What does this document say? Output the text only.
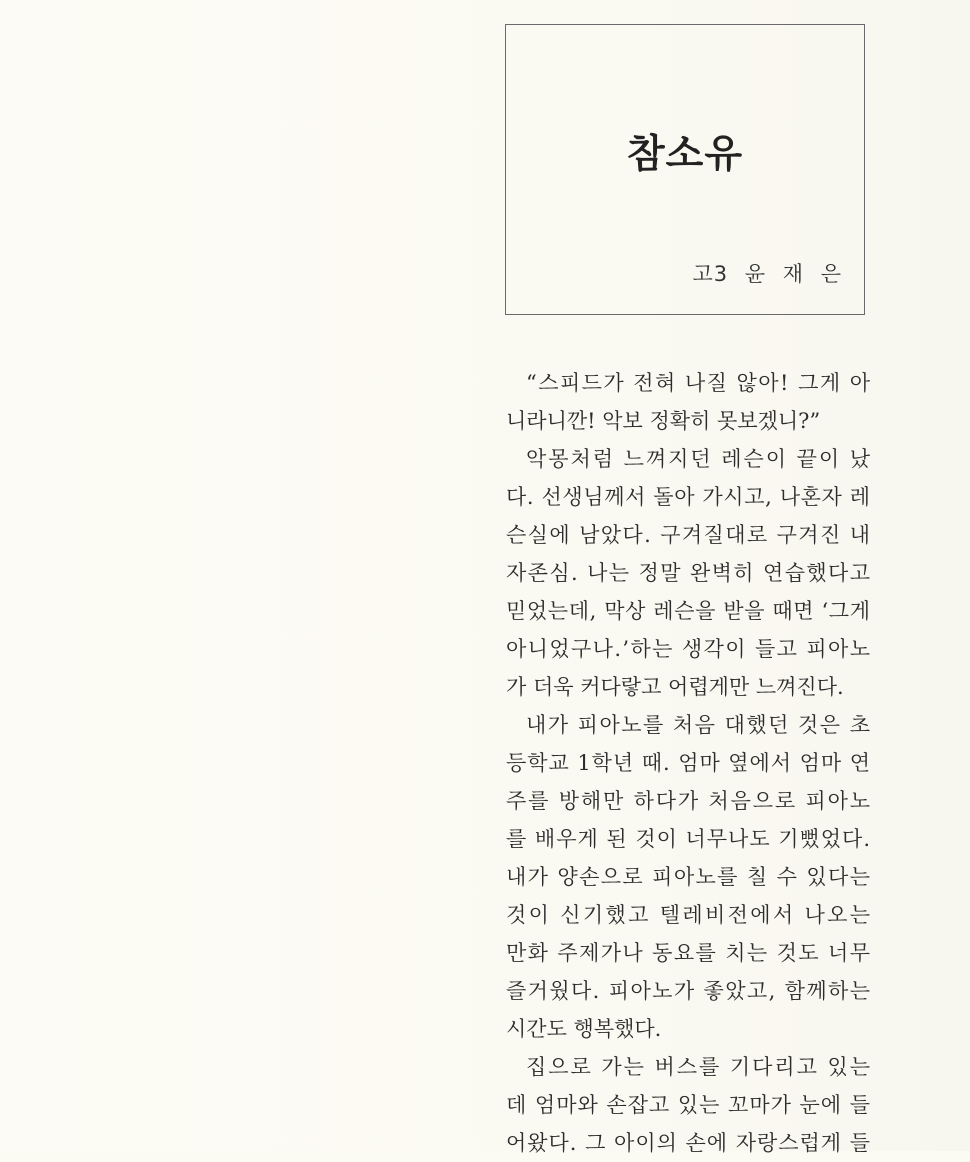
참소유
고3 윤 재 은
“스피드가 전혀 나질 않아! 그게 아
니라니깐! 악보 정확히 못보겠니?”
악몽처럼 느껴지던 레슨이 끝이 났
다. 선생님께서 돌아 가시고, 나혼자 레
슨실에 남았다. 구겨질대로 구겨진 내
자존심. 나는 정말 완벽히 연습했다고
믿었는데, 막상 레슨을 받을 때면 ‘그게
아니었구나.’하는 생각이 들고 피아노
가 더욱 커다랗고 어렵게만 느껴진다.
내가 피아노를 처음 대했던 것은 초
등학교 1학년 때. 엄마 옆에서 엄마 연
주를 방해만 하다가 처음으로 피아노
를 배우게 된 것이 너무나도 기뻤었다.
내가 양손으로 피아노를 칠 수 있다는
것이 신기했고 텔레비전에서 나오는
만화 주제가나 동요를 치는 것도 너무
즐거웠다. 피아노가 좋았고, 함께하는
시간도 행복했다.
집으로 가는 버스를 기다리고 있는
데 엄마와 손잡고 있는 꼬마가 눈에 들
어왔다. 그 아이의 손에 자랑스럽게 들
